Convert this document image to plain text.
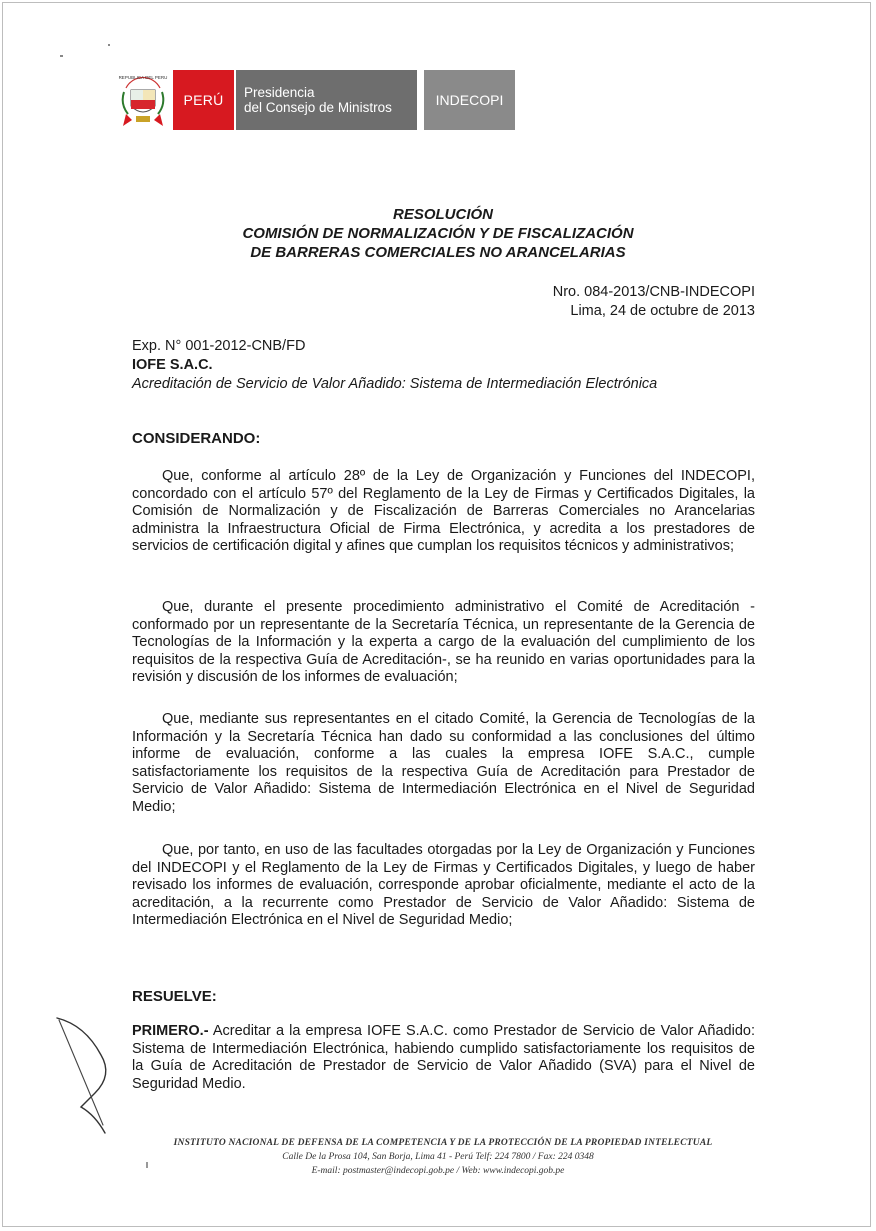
REPUBLICA DEL PERU
PERÚ Presidencia
del Consejo de Ministros	INDECOPI
RESOLUCIÓN
COMISIÓN DE NORMALIZACIÓN Y DE FISCALIZACIÓN
DE BARRERAS COMERCIALES NO ARANCELARIAS
Nro. 084-2013/CNB-INDECOPI
Lima, 24 de octubre de 2013
Exp. N° 001-2012-CNB/FD
IOFE S.A.C.
Acreditación de Servicio de Valor Añadido: Sistema de Intermediación Electrónica
CONSIDERANDO:
Que, conforme al artículo 28º de la Ley de Organización y Funciones del INDECOPI, concordado con el artículo 57º del Reglamento de la Ley de Firmas y Certificados Digitales, la Comisión de Normalización y de Fiscalización de Barreras Comerciales no Arancelarias administra la Infraestructura Oficial de Firma Electrónica, y acredita a los prestadores de servicios de certificación digital y afines que cumplan los requisitos técnicos y administrativos;
Que, durante el presente procedimiento administrativo el Comité de Acreditación - conformado por un representante de la Secretaría Técnica, un representante de la Gerencia de Tecnologías de la Información y la experta a cargo de la evaluación del cumplimiento de los requisitos de la respectiva Guía de Acreditación-, se ha reunido en varias oportunidades para la revisión y discusión de los informes de evaluación;
Que, mediante sus representantes en el citado Comité, la Gerencia de Tecnologías de la Información y la Secretaría Técnica han dado su conformidad a las conclusiones del último informe de evaluación, conforme a las cuales la empresa IOFE S.A.C., cumple satisfactoriamente los requisitos de la respectiva Guía de Acreditación para Prestador de Servicio de Valor Añadido: Sistema de Intermediación Electrónica en el Nivel de Seguridad Medio;
Que, por tanto, en uso de las facultades otorgadas por la Ley de Organización y Funciones del INDECOPI y el Reglamento de la Ley de Firmas y Certificados Digitales, y luego de haber revisado los informes de evaluación, corresponde aprobar oficialmente, mediante el acto de la acreditación, a la recurrente como Prestador de Servicio de Valor Añadido: Sistema de Intermediación Electrónica en el Nivel de Seguridad Medio;
RESUELVE:
PRIMERO.- Acreditar a la empresa IOFE S.A.C. como Prestador de Servicio de Valor Añadido: Sistema de Intermediación Electrónica, habiendo cumplido satisfactoriamente los requisitos de la Guía de Acreditación de Prestador de Servicio de Valor Añadido (SVA) para el Nivel de Seguridad Medio.
INSTITUTO NACIONAL DE DEFENSA DE LA COMPETENCIA Y DE LA PROTECCIÓN DE LA PROPIEDAD INTELECTUAL
Calle De la Prosa 104, San Borja, Lima 41 - Perú Telf: 224 7800 / Fax: 224 0348
E-mail: postmaster@indecopi.gob.pe / Web: www.indecopi.gob.pe
